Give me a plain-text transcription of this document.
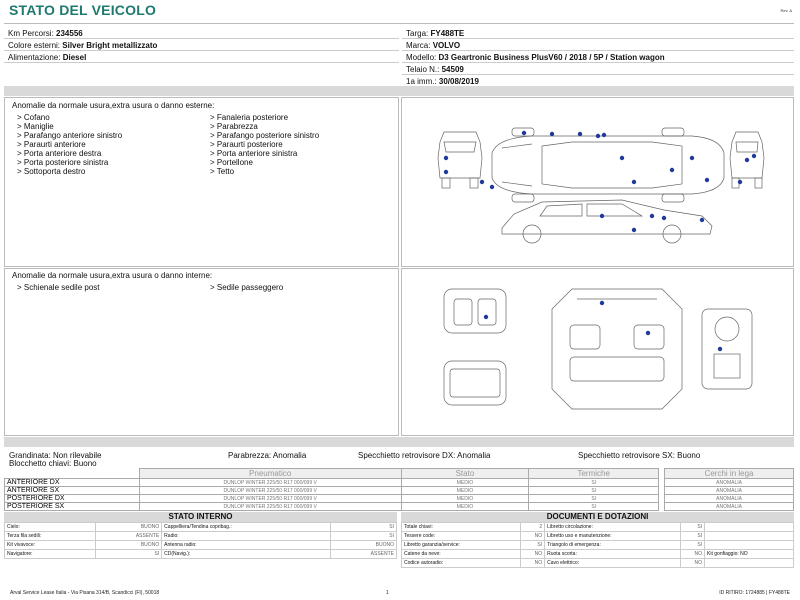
STATO DEL VEICOLO	Rev. A
Km Percorsi: 234556
Colore esterni: Silver Bright metallizzato
Alimentazione: Diesel
Targa: FY488TE
Marca: VOLVO
Modello: D3 Geartronic Business PlusV60 / 2018 / 5P / Station wagon
Telaio N.: 54509
1a imm.: 30/08/2019
Anomalie da normale usura,extra usura o danno esterne:
> Cofano
> Maniglie
> Parafango anteriore sinistro
> Paraurti anteriore
> Porta anteriore destra
> Porta posteriore sinistra
> Sottoporta destro
> Fanaleria posteriore
> Parabrezza
> Parafango posteriore sinistro
> Paraurti posteriore
> Porta anteriore sinistra
> Portellone
> Tetto
Anomalie da normale usura,extra usura o danno interne:
> Schienale sedile post	> Sedile passeggero
Grandinata: Non rilevabile	Parabrezza: Anomalia	Specchietto retrovisore DX: Anomalia	Specchietto retrovisore SX: Buono
Blocchetto chiavi: Buono
	Pneumatico	Stato	Termiche		Cerchi in lega
ANTERIORE DX	DUNLOP WINTER 225/50 R17 000/099 V	MEDIO	SI		ANOMALIA
ANTERIORE SX	DUNLOP WINTER 225/50 R17 000/099 V	MEDIO	SI		ANOMALIA
POSTERIORE DX	DUNLOP WINTER 225/50 R17 000/099 V	MEDIO	SI		ANOMALIA
POSTERIORE SX	DUNLOP WINTER 225/50 R17 000/099 V	MEDIO	SI		ANOMALIA
STATO INTERNO
Cielo:	BUONO	Cappelliera/Tendina copribag.:	SI
Terza fila sedili:	ASSENTE	Radio:	SI
Kit vivavoce:	BUONO	Antenna radio:	BUONO
Navigatore:	SI	CD(Navig.):	ASSENTE
DOCUMENTI E DOTAZIONI
Totale chiavi:	2	Libretto circolazione:	SI	
Tessere code:	NO	Libretto uso e manutenzione:	SI	
Libretto garanzia/service:	SI	Triangolo di emergenza:	SI	
Catene da neve:	NO	Ruota scorta:	NO	Kit gonfiaggio: NO
Codice autoradio:	NO	Cavo elettrico:	NO	
Arval Service Lease Italia - Via Pisana 314/B, Scandicci (FI), 50018	1	ID RITIRO: 1724885 | FY488TE
